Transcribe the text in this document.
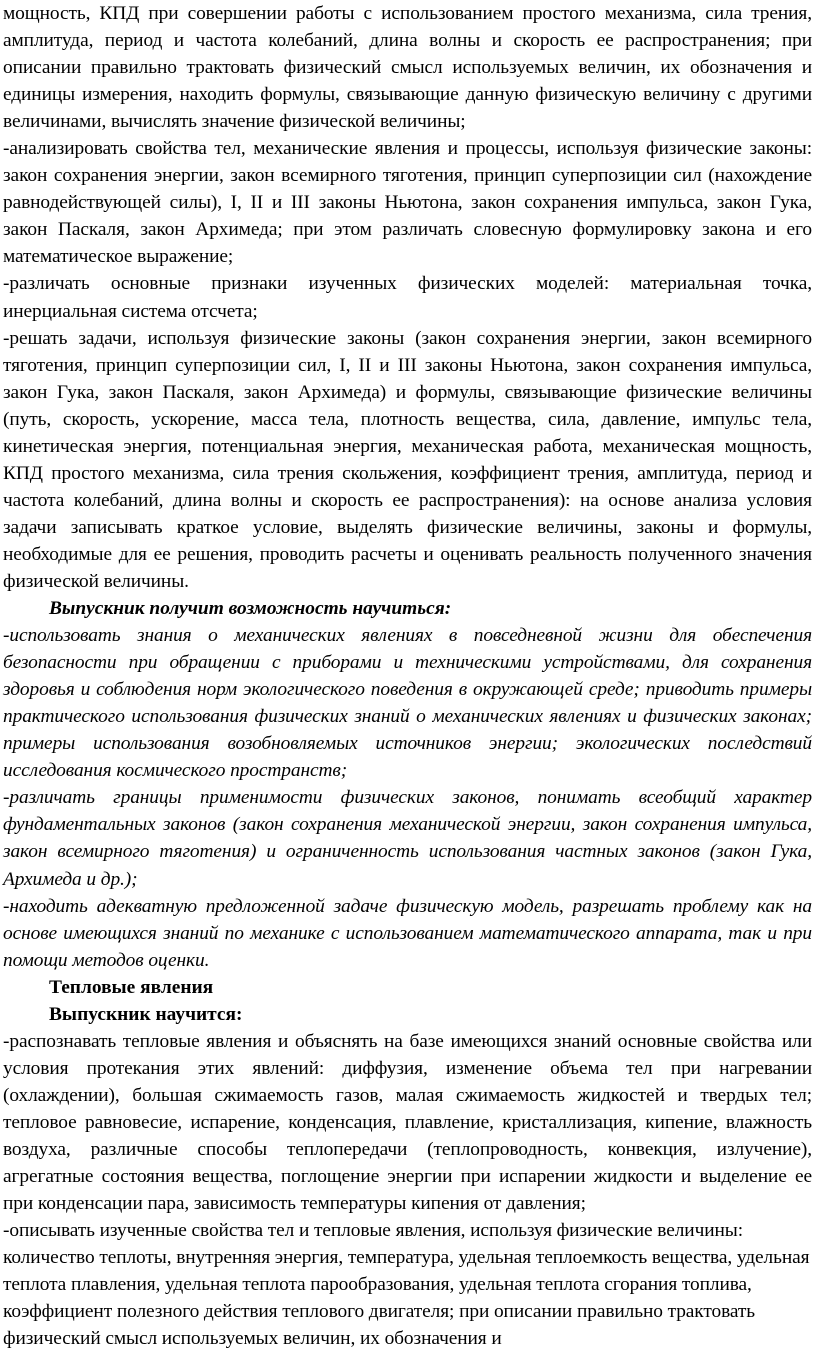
мощность, КПД при совершении работы с использованием простого механизма, сила трения, амплитуда, период и частота колебаний, длина волны и скорость ее распространения; при описании правильно трактовать физический смысл используемых величин, их обозначения и единицы измерения, находить формулы, связывающие данную физическую величину с другими величинами, вычислять значение физической величины;

-анализировать свойства тел, механические явления и процессы, используя физические законы: закон сохранения энергии, закон всемирного тяготения, принцип суперпозиции сил (нахождение равнодействующей силы), I, II и III законы Ньютона, закон сохранения импульса, закон Гука, закон Паскаля, закон Архимеда; при этом различать словесную формулировку закона и его математическое выражение;

-различать основные признаки изученных физических моделей: материальная точка, инерциальная система отсчета;

-решать задачи, используя физические законы (закон сохранения энергии, закон всемирного тяготения, принцип суперпозиции сил, I, II и III законы Ньютона, закон сохранения импульса, закон Гука, закон Паскаля, закон Архимеда) и формулы, связывающие физические величины (путь, скорость, ускорение, масса тела, плотность вещества, сила, давление, импульс тела, кинетическая энергия, потенциальная энергия, механическая работа, механическая мощность, КПД простого механизма, сила трения скольжения, коэффициент трения, амплитуда, период и частота колебаний, длина волны и скорость ее распространения): на основе анализа условия задачи записывать краткое условие, выделять физические величины, законы и формулы, необходимые для ее решения, проводить расчеты и оценивать реальность полученного значения физической величины.

Выпускник получит возможность научиться:

-использовать знания о механических явлениях в повседневной жизни для обеспечения безопасности при обращении с приборами и техническими устройствами, для сохранения здоровья и соблюдения норм экологического поведения в окружающей среде; приводить примеры практического использования физических знаний о механических явлениях и физических законах; примеры использования возобновляемых источников энергии; экологических последствий исследования космического пространств;

-различать границы применимости физических законов, понимать всеобщий характер фундаментальных законов (закон сохранения механической энергии, закон сохранения импульса, закон всемирного тяготения) и ограниченность использования частных законов (закон Гука, Архимеда и др.);

-находить адекватную предложенной задаче физическую модель, разрешать проблему как на основе имеющихся знаний по механике с использованием математического аппарата, так и при помощи методов оценки.

Тепловые явления

Выпускник научится:

-распознавать тепловые явления и объяснять на базе имеющихся знаний основные свойства или условия протекания этих явлений: диффузия, изменение объема тел при нагревании (охлаждении), большая сжимаемость газов, малая сжимаемость жидкостей и твердых тел; тепловое равновесие, испарение, конденсация, плавление, кристаллизация, кипение, влажность воздуха, различные способы теплопередачи (теплопроводность, конвекция, излучение), агрегатные состояния вещества, поглощение энергии при испарении жидкости и выделение ее при конденсации пара, зависимость температуры кипения от давления;

-описывать изученные свойства тел и тепловые явления, используя физические величины: количество теплоты, внутренняя энергия, температура, удельная теплоемкость вещества, удельная теплота плавления, удельная теплота парообразования, удельная теплота сгорания топлива, коэффициент полезного действия теплового двигателя; при описании правильно трактовать физический смысл используемых величин, их обозначения и
